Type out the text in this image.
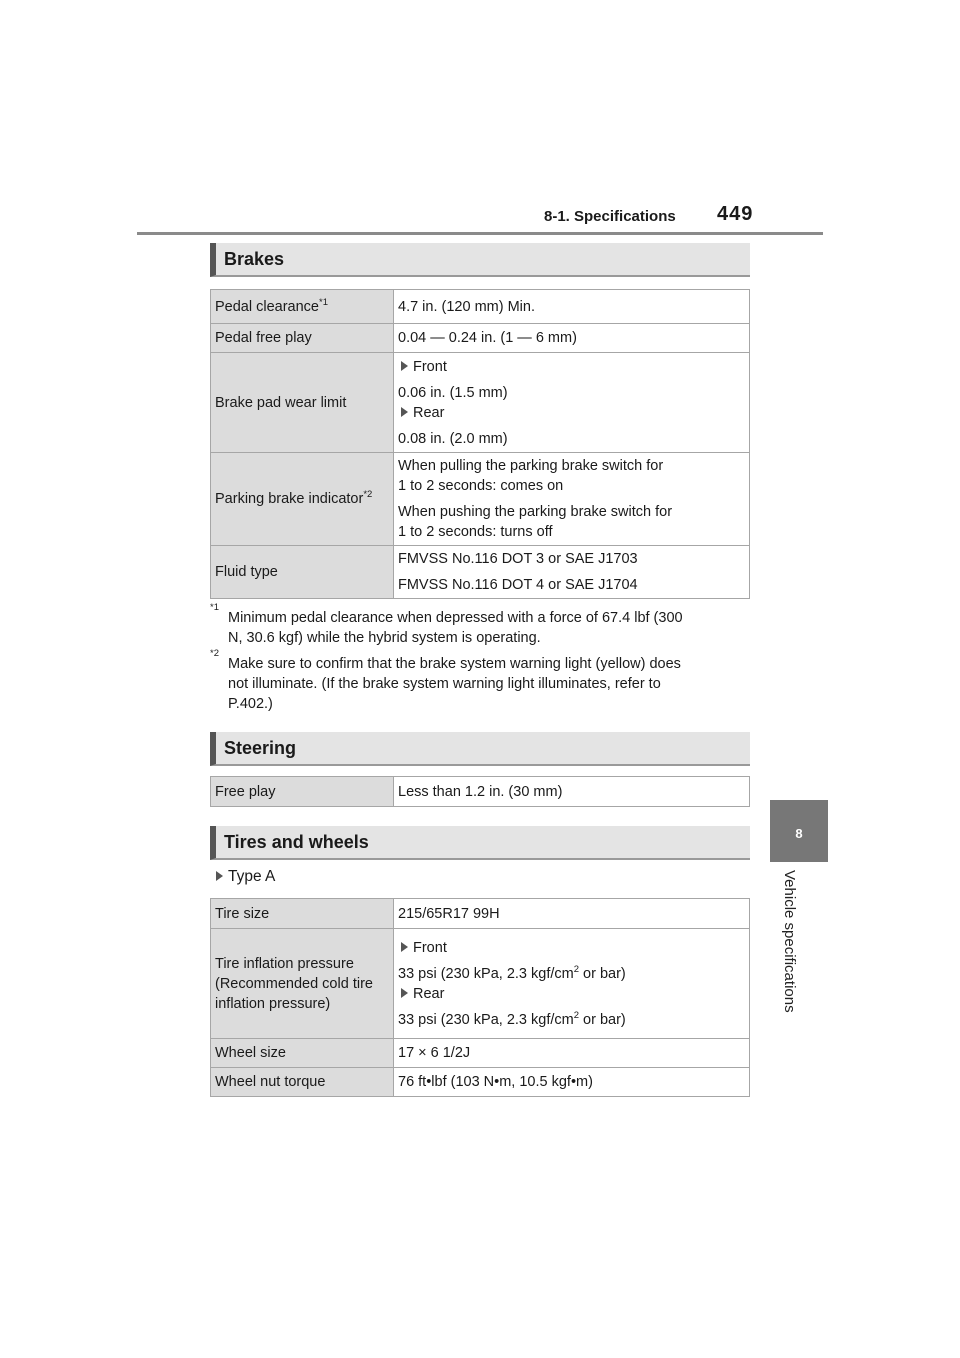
8-1. Specifications 449
8
Vehicle specifications
Brakes
Pedal clearance$^{*1}$	4.7 in. (120 mm) Min.
Pedal free play	0.04 — 0.24 in. (1 — 6 mm)
Brake pad wear limit	Front
0.06 in. (1.5 mm)
Rear
0.08 in. (2.0 mm)

Parking brake indicator$^{*2}$	When pulling the parking brake switch for
1 to 2 seconds: comes on
When pushing the parking brake switch for
1 to 2 seconds: turns off

Fluid type	FMVSS No.116 DOT 3 or SAE J1703
FMVSS No.116 DOT 4 or SAE J1704
*1
Minimum pedal clearance when depressed with a force of 67.4 lbf (300
N, 30.6 kgf) while the hybrid system is operating.
*2
Make sure to confirm that the brake system warning light (yellow) does
not illuminate. (If the brake system warning light illuminates, refer to
P.402.)
Steering
Free play	Less than 1.2 in. (30 mm)
Tires and wheels
Type A
Tire size	215/65R17 99H

Tire inflation pressure
(Recommended cold tire
inflation pressure)	Front
33 psi (230 kPa, 2.3 kgf/$cm^2$ or bar)
Rear
33 psi (230 kPa, 2.3 kgf/$cm^2$ or bar)

Wheel size	17 × 6 1/2J
Wheel nut torque	76 ft•lbf (103 N•m, 10.5 kgf•m)
